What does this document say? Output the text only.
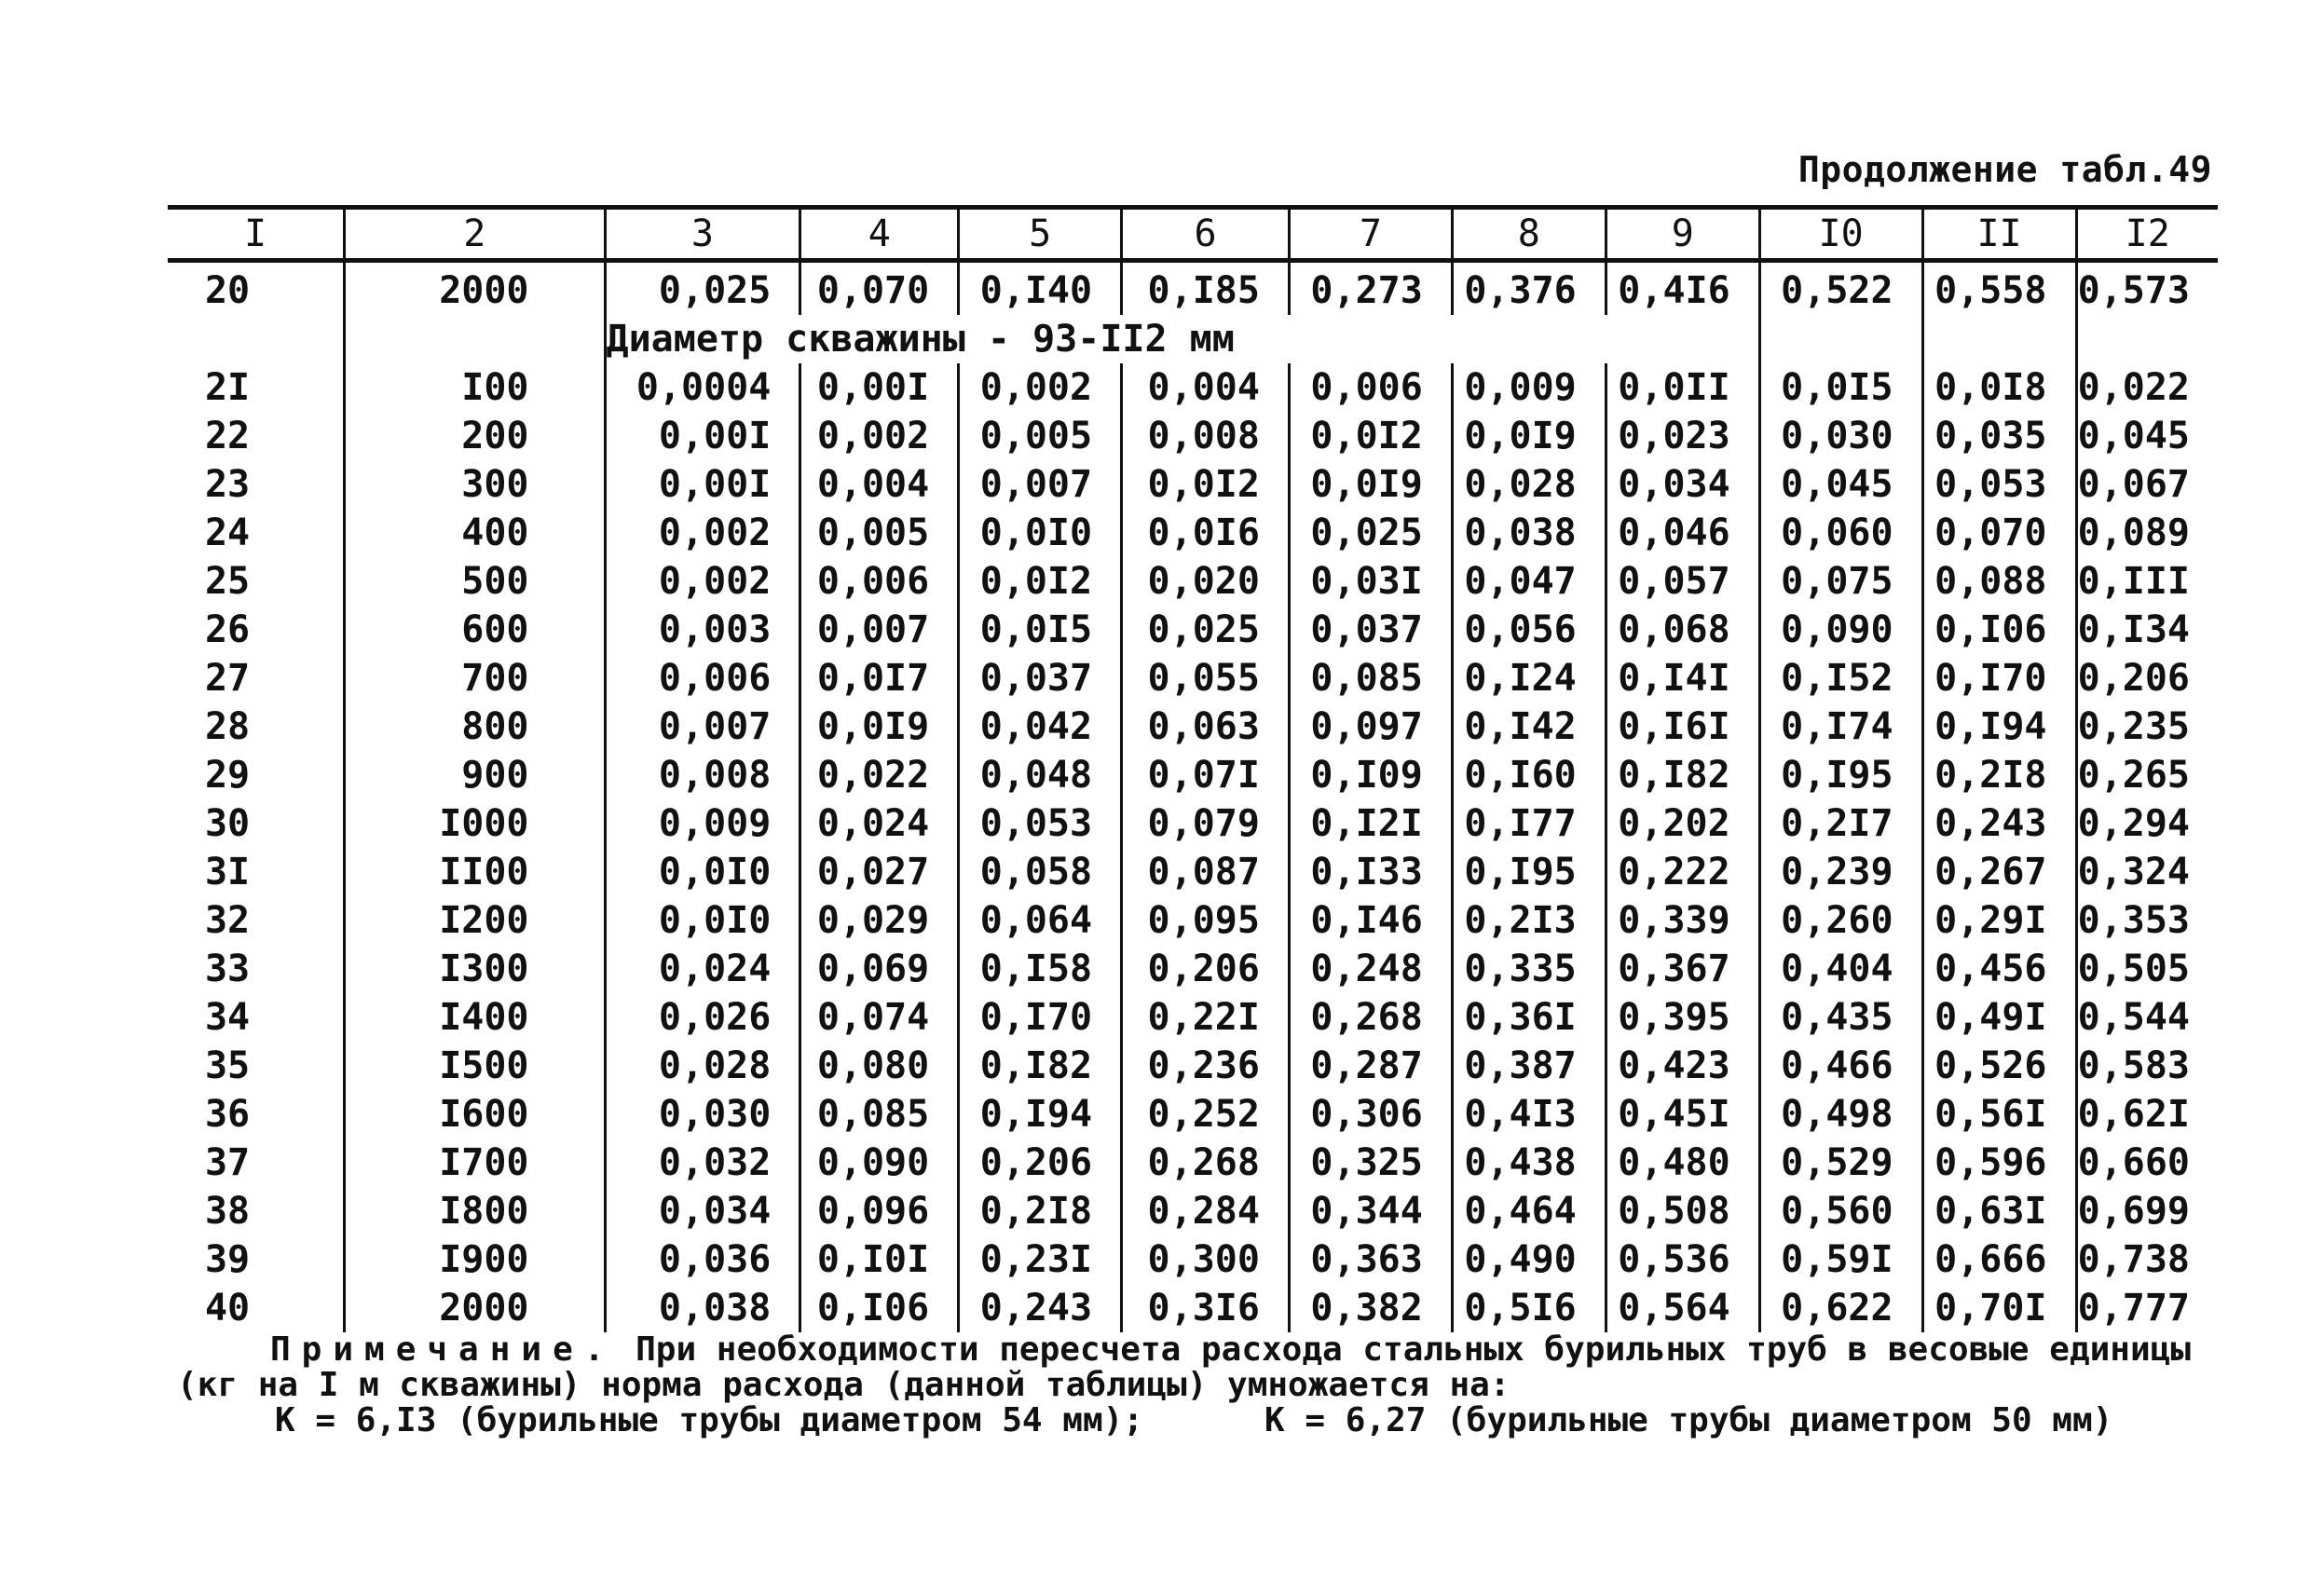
Продолжение табл.49
I	2	3	4	5	6	7	8	9	I0	II	I2
20	2000	0,025	0,070	0,I40	0,I85	0,273	0,376	0,4I6	0,522	0,558	0,573
		Диаметр скважины - 93-II2 мм									
2I	I00	0,0004	0,00I	0,002	0,004	0,006	0,009	0,0II	0,0I5	0,0I8	0,022
22	200	0,00I	0,002	0,005	0,008	0,0I2	0,0I9	0,023	0,030	0,035	0,045
23	300	0,00I	0,004	0,007	0,0I2	0,0I9	0,028	0,034	0,045	0,053	0,067
24	400	0,002	0,005	0,0I0	0,0I6	0,025	0,038	0,046	0,060	0,070	0,089
25	500	0,002	0,006	0,0I2	0,020	0,03I	0,047	0,057	0,075	0,088	0,III
26	600	0,003	0,007	0,0I5	0,025	0,037	0,056	0,068	0,090	0,I06	0,I34
27	700	0,006	0,0I7	0,037	0,055	0,085	0,I24	0,I4I	0,I52	0,I70	0,206
28	800	0,007	0,0I9	0,042	0,063	0,097	0,I42	0,I6I	0,I74	0,I94	0,235
29	900	0,008	0,022	0,048	0,07I	0,I09	0,I60	0,I82	0,I95	0,2I8	0,265
30	I000	0,009	0,024	0,053	0,079	0,I2I	0,I77	0,202	0,2I7	0,243	0,294
3I	II00	0,0I0	0,027	0,058	0,087	0,I33	0,I95	0,222	0,239	0,267	0,324
32	I200	0,0I0	0,029	0,064	0,095	0,I46	0,2I3	0,339	0,260	0,29I	0,353
33	I300	0,024	0,069	0,I58	0,206	0,248	0,335	0,367	0,404	0,456	0,505
34	I400	0,026	0,074	0,I70	0,22I	0,268	0,36I	0,395	0,435	0,49I	0,544
35	I500	0,028	0,080	0,I82	0,236	0,287	0,387	0,423	0,466	0,526	0,583
36	I600	0,030	0,085	0,I94	0,252	0,306	0,4I3	0,45I	0,498	0,56I	0,62I
37	I700	0,032	0,090	0,206	0,268	0,325	0,438	0,480	0,529	0,596	0,660
38	I800	0,034	0,096	0,2I8	0,284	0,344	0,464	0,508	0,560	0,63I	0,699
39	I900	0,036	0,I0I	0,23I	0,300	0,363	0,490	0,536	0,59I	0,666	0,738
40	2000	0,038	0,I06	0,243	0,3I6	0,382	0,5I6	0,564	0,622	0,70I	0,777

Примечание. При необходимости пересчета расхода стальных бурильных труб в весовые единицы

(кг на I м скважины) норма расхода (данной таблицы) умножается на:

К = 6,I3 (бурильные трубы диаметром 54 мм);	К = 6,27 (бурильные трубы диаметром 50 мм)
